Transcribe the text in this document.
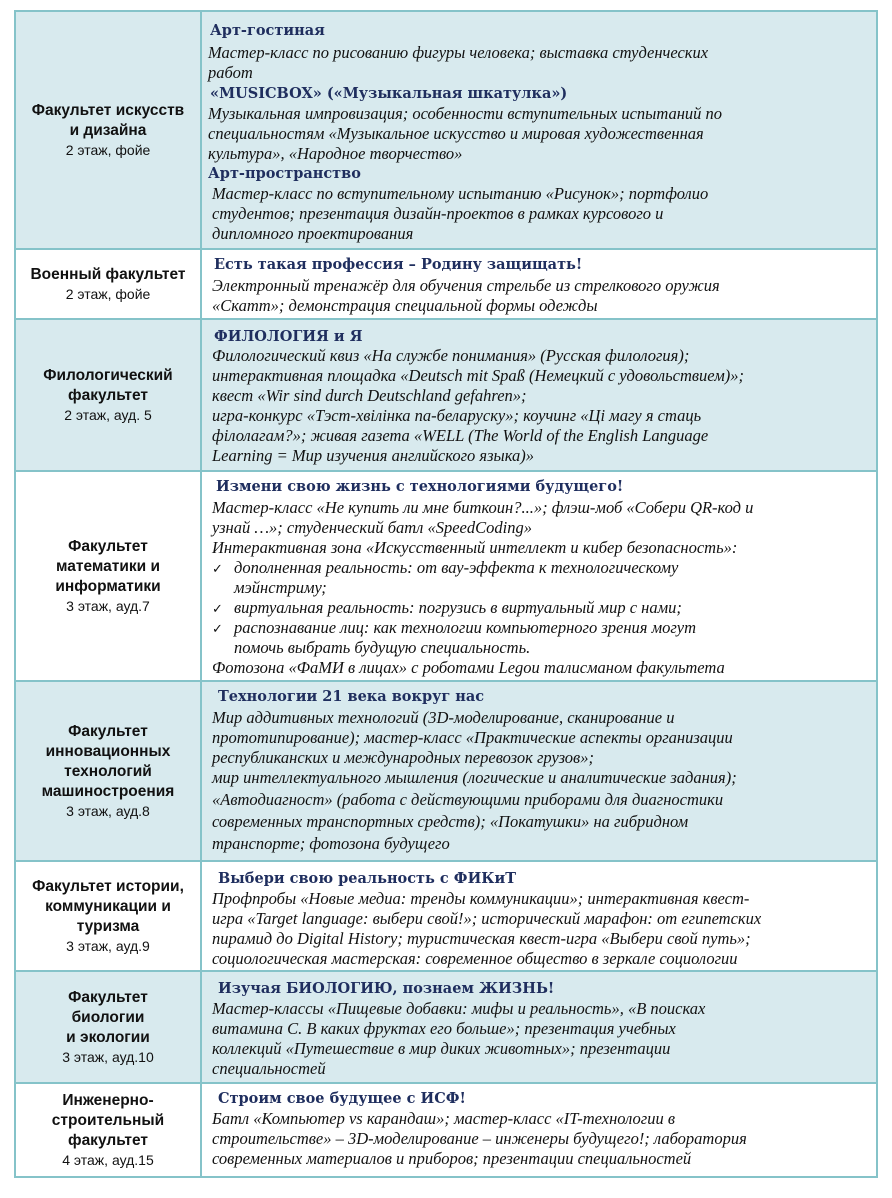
Факультет искусств
и дизайна
2 этаж, фойе
Арт-гостиная
Мастер-класс по рисованию фигуры человека; выставка студенческих
работ
«MUSICBOX» («Музыкальная шкатулка»)
Музыкальная импровизация; особенности вступительных испытаний по
специальностям «Музыкальное искусство и мировая художественная
культура», «Народное творчество»
Арт-пространство
Мастер-класс по вступительному испытанию «Рисунок»; портфолио
студентов; презентация дизайн-проектов в рамках курсового и
дипломного проектирования
Военный факультет
2 этаж, фойе
Есть такая профессия – Родину защищать!
Электронный тренажёр для обучения стрельбе из стрелкового оружия
«Скатт»; демонстрация специальной формы одежды
Филологический
факультет
2 этаж, ауд. 5
ФИЛОЛОГИЯ и Я
Филологический квиз «На службе понимания» (Русская филология);
интерактивная площадка «Deutsch mit Spaß (Немецкий с удовольствием)»;
квест «Wir sind durch Deutschland gefahren»;
игра-конкурс «Тэст-хвілінка па-беларуску»; коучинг «Ці магу я стаць
філолагам?»; живая газета «WELL (The World of the English Language
Learning = Мир изучения английского языка)»
Факультет
математики и
информатики
3 этаж, ауд.7
Измени свою жизнь с технологиями будущего!
Мастер-класс «Не купить ли мне биткоин?...»; флэш-моб «Собери QR-код и
узнай …»; студенческий батл «SpeedCoding»
Интерактивная зона «Искусственный интеллект и кибер безопасность»:
✓ дополненная реальность: от вау-эффекта к технологическому
мэйнстриму;
✓ виртуальная реальность: погрузись в виртуальный мир с нами;
✓ распознавание лиц: как технологии компьютерного зрения могут
помочь выбрать будущую специальность.
Фотозона «ФаМИ в лицах» с роботами Legoи талисманом факультета
Факультет
инновационных
технологий
машиностроения
3 этаж, ауд.8
Технологии 21 века вокруг нас
Мир аддитивных технологий (3D-моделирование, сканирование и
прототипирование); мастер-класс «Практические аспекты организации
республиканских и международных перевозок грузов»;
мир интеллектуального мышления (логические и аналитические задания);
«Автодиагност» (работа с действующими приборами для диагностики
современных транспортных средств); «Покатушки» на гибридном
транспорте; фотозона будущего
Факультет истории,
коммуникации и
туризма
3 этаж, ауд.9
Выбери свою реальность с ФИКиТ
Профпробы «Новые медиа: тренды коммуникации»; интерактивная квест-
игра «Target language: выбери свой!»; исторический марафон: от египетских
пирамид до Digital History; туристическая квест-игра «Выбери свой путь»;
социологическая мастерская: современное общество в зеркале социологии
Факультет
биологии
и экологии
3 этаж, ауд.10
Изучая БИОЛОГИЮ, познаем ЖИЗНЬ!
Мастер-классы «Пищевые добавки: мифы и реальность», «В поисках
витамина С. В каких фруктах его больше»; презентация учебных
коллекций «Путешествие в мир диких животных»; презентации
специальностей
Инженерно-
строительный
факультет
4 этаж, ауд.15
Строим свое будущее с ИСФ!
Батл «Компьютер vs карандаш»; мастер-класс «IT-технологии в
строительстве» – 3D-моделирование – инженеры будущего!; лаборатория
современных материалов и приборов; презентации специальностей
